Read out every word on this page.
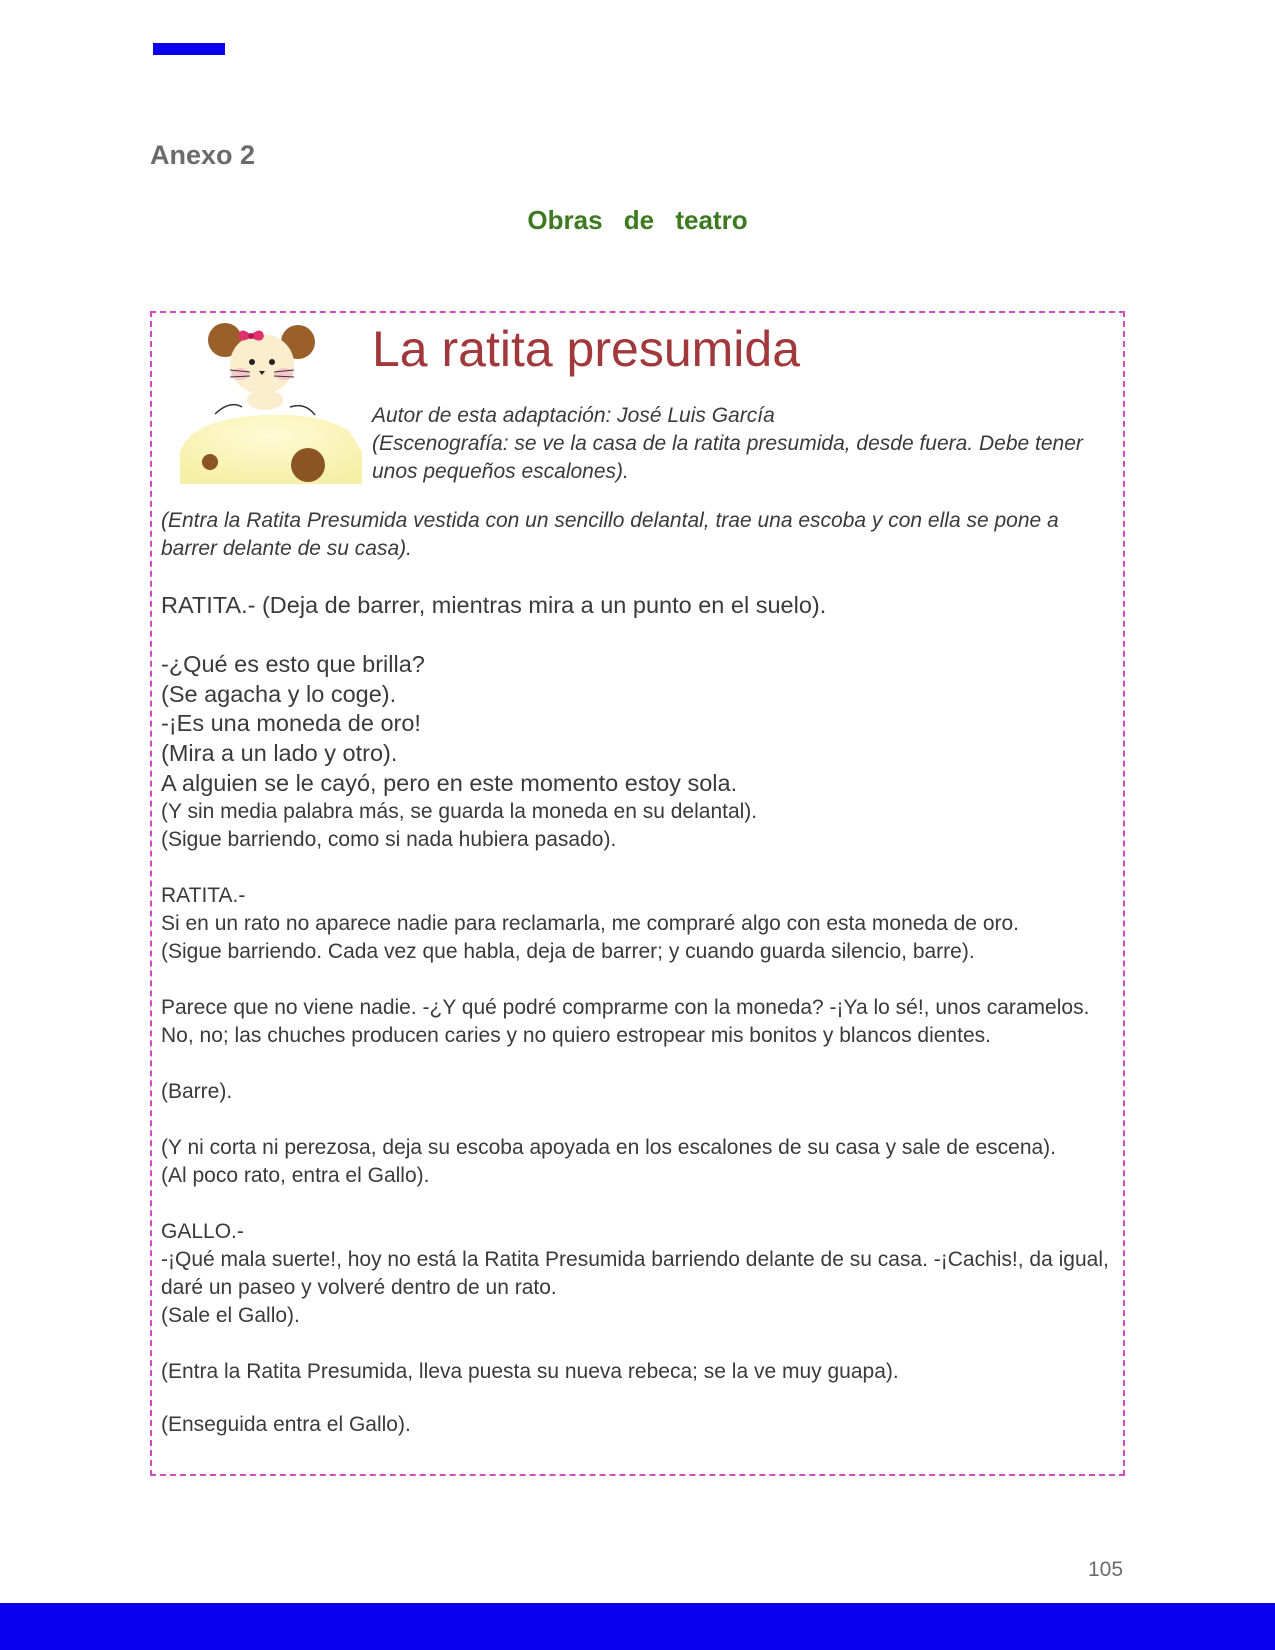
Anexo 2
Obras de teatro
La ratita presumida

Autor de esta adaptación: José Luis García

(Escenografía: se ve la casa de la ratita presumida, desde fuera. Debe tener unos pequeños escalones).

(Entra la Ratita Presumida vestida con un sencillo delantal, trae una escoba y con ella se pone a barrer delante de su casa).

RATITA.- (Deja de barrer, mientras mira a un punto en el suelo).

-¿Qué es esto que brilla?

(Se agacha y lo coge).

-¡Es una moneda de oro!

(Mira a un lado y otro).

A alguien se le cayó, pero en este momento estoy sola.

(Y sin media palabra más, se guarda la moneda en su delantal).

(Sigue barriendo, como si nada hubiera pasado).

RATITA.-

Si en un rato no aparece nadie para reclamarla, me compraré algo con esta moneda de oro.

(Sigue barriendo. Cada vez que habla, deja de barrer; y cuando guarda silencio, barre).

Parece que no viene nadie. -¿Y qué podré comprarme con la moneda? -¡Ya lo sé!, unos caramelos. No, no; las chuches producen caries y no quiero estropear mis bonitos y blancos dientes.

(Barre).

(Y ni corta ni perezosa, deja su escoba apoyada en los escalones de su casa y sale de escena).

(Al poco rato, entra el Gallo).

GALLO.-

-¡Qué mala suerte!, hoy no está la Ratita Presumida barriendo delante de su casa. -¡Cachis!, da igual, daré un paseo y volveré dentro de un rato.

(Sale el Gallo).

(Entra la Ratita Presumida, lleva puesta su nueva rebeca; se la ve muy guapa).

(Enseguida entra el Gallo).

105
